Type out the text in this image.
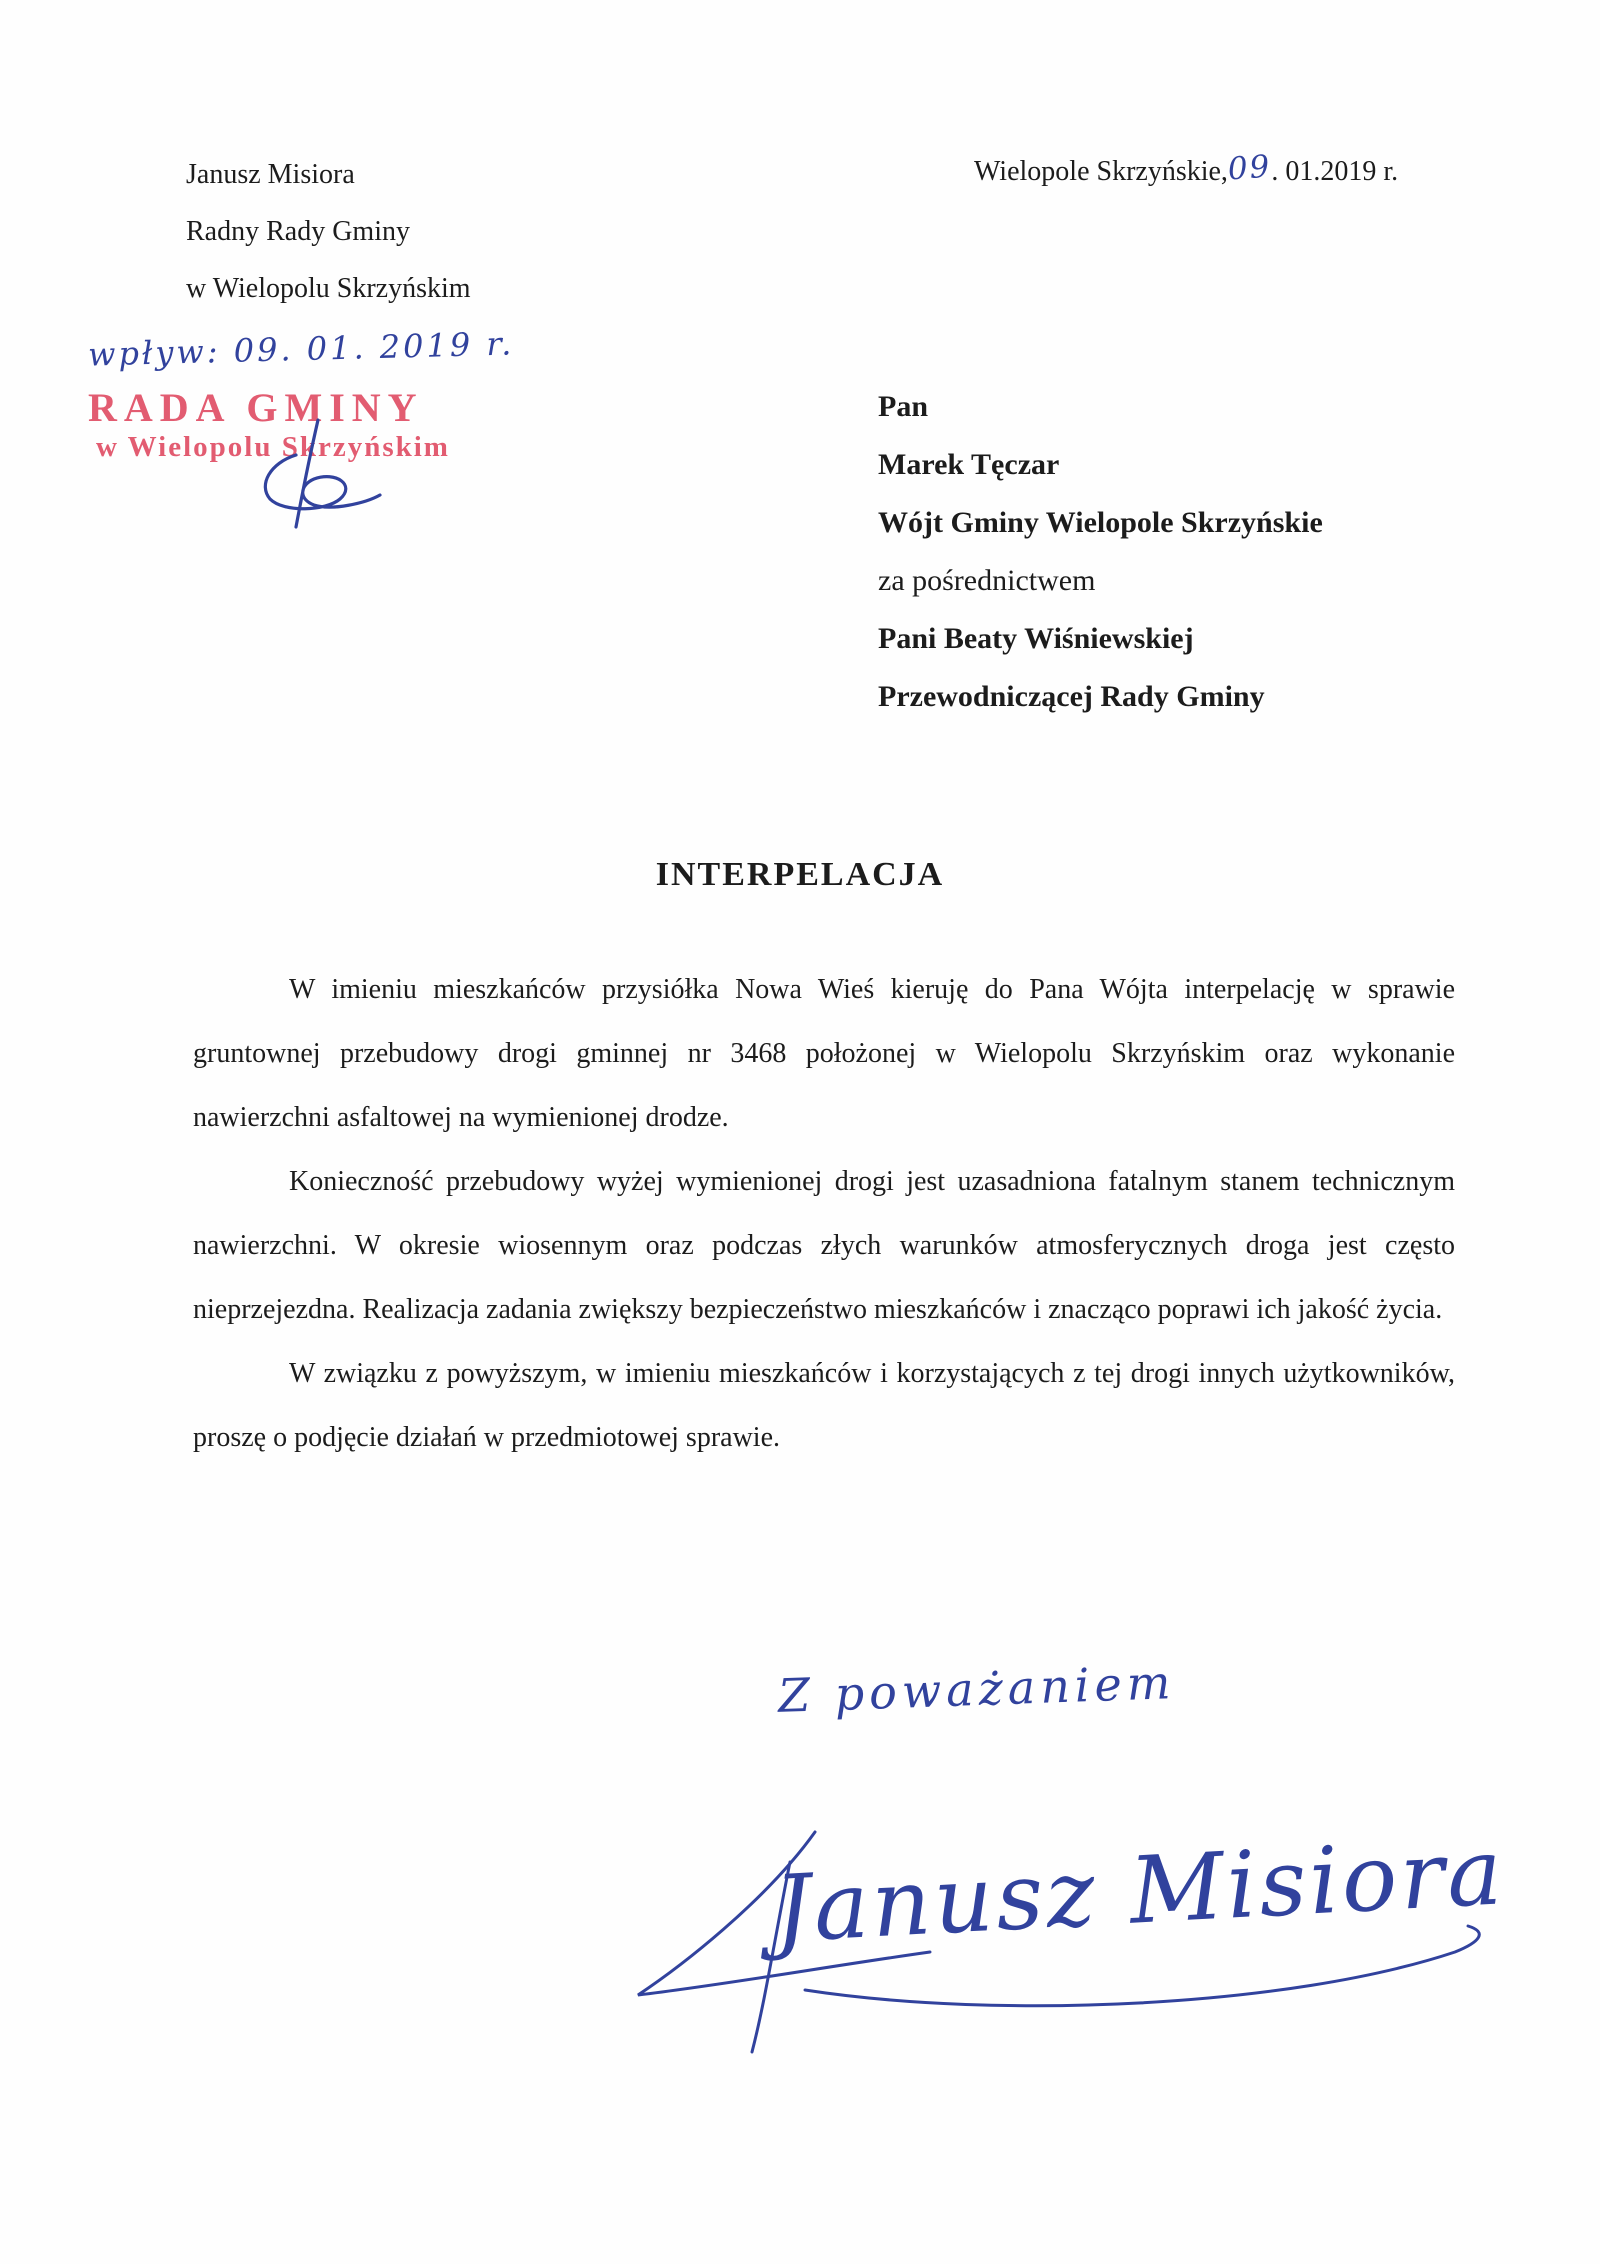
Janusz Misiora
Radny Rady Gminy
w Wielopolu Skrzyńskim
Wielopole Skrzyńskie,09. 01.2019 r.
wpływ: 09. 01. 2019 r.
RADA GMINY
w Wielopolu Skrzyńskim
Pan
Marek Tęczar
Wójt Gminy Wielopole Skrzyńskie
za pośrednictwem
Pani Beaty Wiśniewskiej
Przewodniczącej Rady Gminy
INTERPELACJA

W imieniu mieszkańców przysiółka Nowa Wieś kieruję do Pana Wójta interpelację w sprawie gruntownej przebudowy drogi gminnej nr 3468 położonej w Wielopolu Skrzyńskim oraz wykonanie nawierzchni asfaltowej na wymienionej drodze.

Konieczność przebudowy wyżej wymienionej drogi jest uzasadniona fatalnym stanem technicznym nawierzchni. W okresie wiosennym oraz podczas złych warunków atmosferycznych droga jest często nieprzejezdna. Realizacja zadania zwiększy bezpieczeństwo mieszkańców i znacząco poprawi ich jakość życia.

W związku z powyższym, w imieniu mieszkańców i korzystających z tej drogi innych użytkowników, proszę o podjęcie działań w przedmiotowej sprawie.

Z poważaniem
Janusz Misiora
